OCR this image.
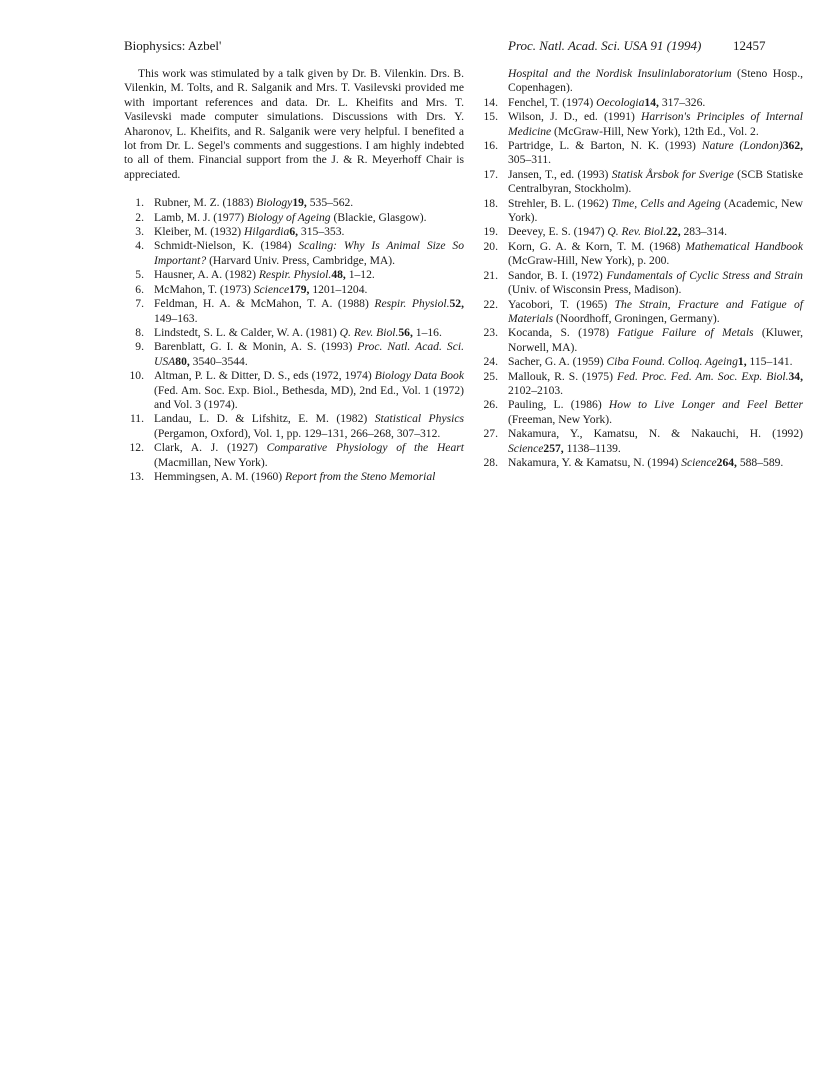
Biophysics: Azbel'	Proc. Natl. Acad. Sci. USA 91 (1994) 12457

This work was stimulated by a talk given by Dr. B. Vilenkin. Drs. B. Vilenkin, M. Tolts, and R. Salganik and Mrs. T. Vasilevski provided me with important references and data. Dr. L. Kheifits and Mrs. T. Vasilevski made computer simulations. Discussions with Drs. Y. Aharonov, L. Kheifits, and R. Salganik were very helpful. I benefited a lot from Dr. L. Segel's comments and suggestions. I am highly indebted to all of them. Financial support from the J. & R. Meyerhoff Chair is appreciated.

1. Rubner, M. Z. (1883) Biology19, 535–562.
2. Lamb, M. J. (1977) Biology of Ageing (Blackie, Glasgow).
3. Kleiber, M. (1932) Hilgardia6, 315–353.
4. Schmidt-Nielson, K. (1984) Scaling: Why Is Animal Size So Important? (Harvard Univ. Press, Cambridge, MA).
5. Hausner, A. A. (1982) Respir. Physiol.48, 1–12.
6. McMahon, T. (1973) Science179, 1201–1204.
7. Feldman, H. A. & McMahon, T. A. (1988) Respir. Physiol.52, 149–163.
8. Lindstedt, S. L. & Calder, W. A. (1981) Q. Rev. Biol.56, 1–16.
9. Barenblatt, G. I. & Monin, A. S. (1993) Proc. Natl. Acad. Sci. USA80, 3540–3544.
10. Altman, P. L. & Ditter, D. S., eds (1972, 1974) Biology Data Book (Fed. Am. Soc. Exp. Biol., Bethesda, MD), 2nd Ed., Vol. 1 (1972) and Vol. 3 (1974).
11. Landau, L. D. & Lifshitz, E. M. (1982) Statistical Physics (Pergamon, Oxford), Vol. 1, pp. 129–131, 266–268, 307–312.
12. Clark, A. J. (1927) Comparative Physiology of the Heart (Macmillan, New York).
13. Hemmingsen, A. M. (1960) Report from the Steno Memorial
Hospital and the Nordisk Insulinlaboratorium (Steno Hosp., Copenhagen).
14. Fenchel, T. (1974) Oecologia14, 317–326.
15. Wilson, J. D., ed. (1991) Harrison's Principles of Internal Medicine (McGraw-Hill, New York), 12th Ed., Vol. 2.
16. Partridge, L. & Barton, N. K. (1993) Nature (London)362, 305–311.
17. Jansen, T., ed. (1993) Statisk Årsbok for Sverige (SCB Statiske Centralbyran, Stockholm).
18. Strehler, B. L. (1962) Time, Cells and Ageing (Academic, New York).
19. Deevey, E. S. (1947) Q. Rev. Biol.22, 283–314.
20. Korn, G. A. & Korn, T. M. (1968) Mathematical Handbook (McGraw-Hill, New York), p. 200.
21. Sandor, B. I. (1972) Fundamentals of Cyclic Stress and Strain (Univ. of Wisconsin Press, Madison).
22. Yacobori, T. (1965) The Strain, Fracture and Fatigue of Materials (Noordhoff, Groningen, Germany).
23. Kocanda, S. (1978) Fatigue Failure of Metals (Kluwer, Norwell, MA).
24. Sacher, G. A. (1959) Ciba Found. Colloq. Ageing1, 115–141.
25. Mallouk, R. S. (1975) Fed. Proc. Fed. Am. Soc. Exp. Biol.34, 2102–2103.
26. Pauling, L. (1986) How to Live Longer and Feel Better (Freeman, New York).
27. Nakamura, Y., Kamatsu, N. & Nakauchi, H. (1992) Science257, 1138–1139.
28. Nakamura, Y. & Kamatsu, N. (1994) Science264, 588–589.
